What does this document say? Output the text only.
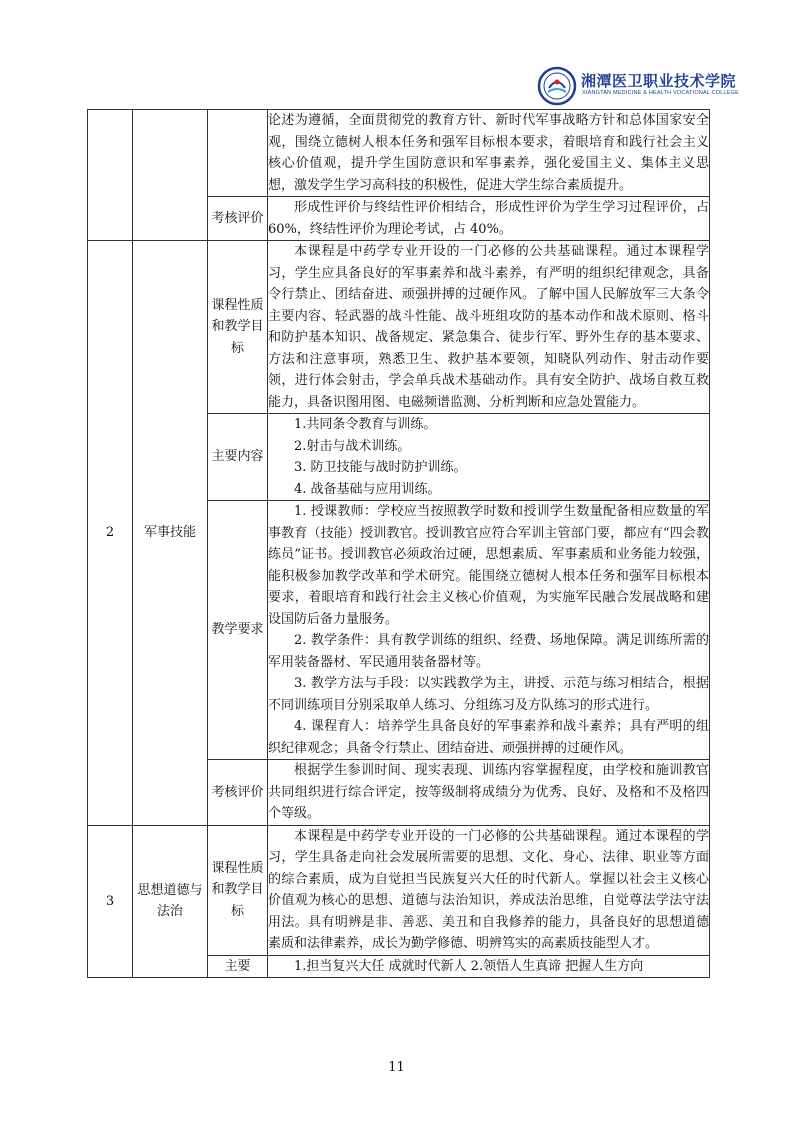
湘潭医卫职业技术学院
XIANGTAN MEDICINE & HEALTH VOCATIONAL COLLEGE

			论述为遵循，全面贯彻党的教育方针、新时代军事战略方针和总体国家安全观，围绕立德树人根本任务和强军目标根本要求，着眼培育和践行社会主义核心价值观，提升学生国防意识和军事素养，强化爱国主义、集体主义思想，激发学生学习高科技的积极性，促进大学生综合素质提升。

		考核评价	形成性评价与终结性评价相结合，形成性评价为学生学习过程评价，占 60%，终结性评价为理论考试，占 40%。

2	军事技能	课程性质和教学目标	本课程是中药学专业开设的一门必修的公共基础课程。通过本课程学习，学生应具备良好的军事素养和战斗素养，有严明的组织纪律观念，具备令行禁止、团结奋进、顽强拼搏的过硬作风。了解中国人民解放军三大条令主要内容、轻武器的战斗性能、战斗班组攻防的基本动作和战术原则、格斗和防护基本知识、战备规定、紧急集合、徒步行军、野外生存的基本要求、方法和注意事项，熟悉卫生、救护基本要领，知晓队列动作、射击动作要领，进行体会射击，学会单兵战术基础动作。具有安全防护、战场自救互救能力，具备识图用图、电磁频谱监测、分析判断和应急处置能力。

		主要内容	1.共同条令教育与训练。

2.射击与战术训练。

3. 防卫技能与战时防护训练。

4. 战备基础与应用训练。

		教学要求	1. 授课教师：学校应当按照教学时数和授训学生数量配备相应数量的军事教育（技能）授训教官。授训教官应符合军训主管部门要，都应有“四会教练员”证书。授训教官必须政治过硬，思想素质、军事素质和业务能力较强，能积极参加教学改革和学术研究。能围绕立德树人根本任务和强军目标根本要求，着眼培育和践行社会主义核心价值观，为实施军民融合发展战略和建设国防后备力量服务。

2. 教学条件：具有教学训练的组织、经费、场地保障。满足训练所需的军用装备器材、军民通用装备器材等。

3. 教学方法与手段：以实践教学为主，讲授、示范与练习相结合，根据不同训练项目分别采取单人练习、分组练习及方队练习的形式进行。

4. 课程育人：培养学生具备良好的军事素养和战斗素养；具有严明的组织纪律观念；具备令行禁止、团结奋进、顽强拼搏的过硬作风。

		考核评价	根据学生参训时间、现实表现、训练内容掌握程度，由学校和施训教官共同组织进行综合评定，按等级制将成绩分为优秀、良好、及格和不及格四个等级。

3	思想道德与法治	课程性质和教学目标	本课程是中药学专业开设的一门必修的公共基础课程。通过本课程的学习，学生具备走向社会发展所需要的思想、文化、身心、法律、职业等方面的综合素质，成为自觉担当民族复兴大任的时代新人。掌握以社会主义核心价值观为核心的思想、道德与法治知识，养成法治思维，自觉尊法学法守法用法。具有明辨是非、善恶、美丑和自我修养的能力，具备良好的思想道德素质和法律素养，成长为勤学修德、明辨笃实的高素质技能型人才。

		主要	1.担当复兴大任 成就时代新人 2.领悟人生真谛 把握人生方向

11
